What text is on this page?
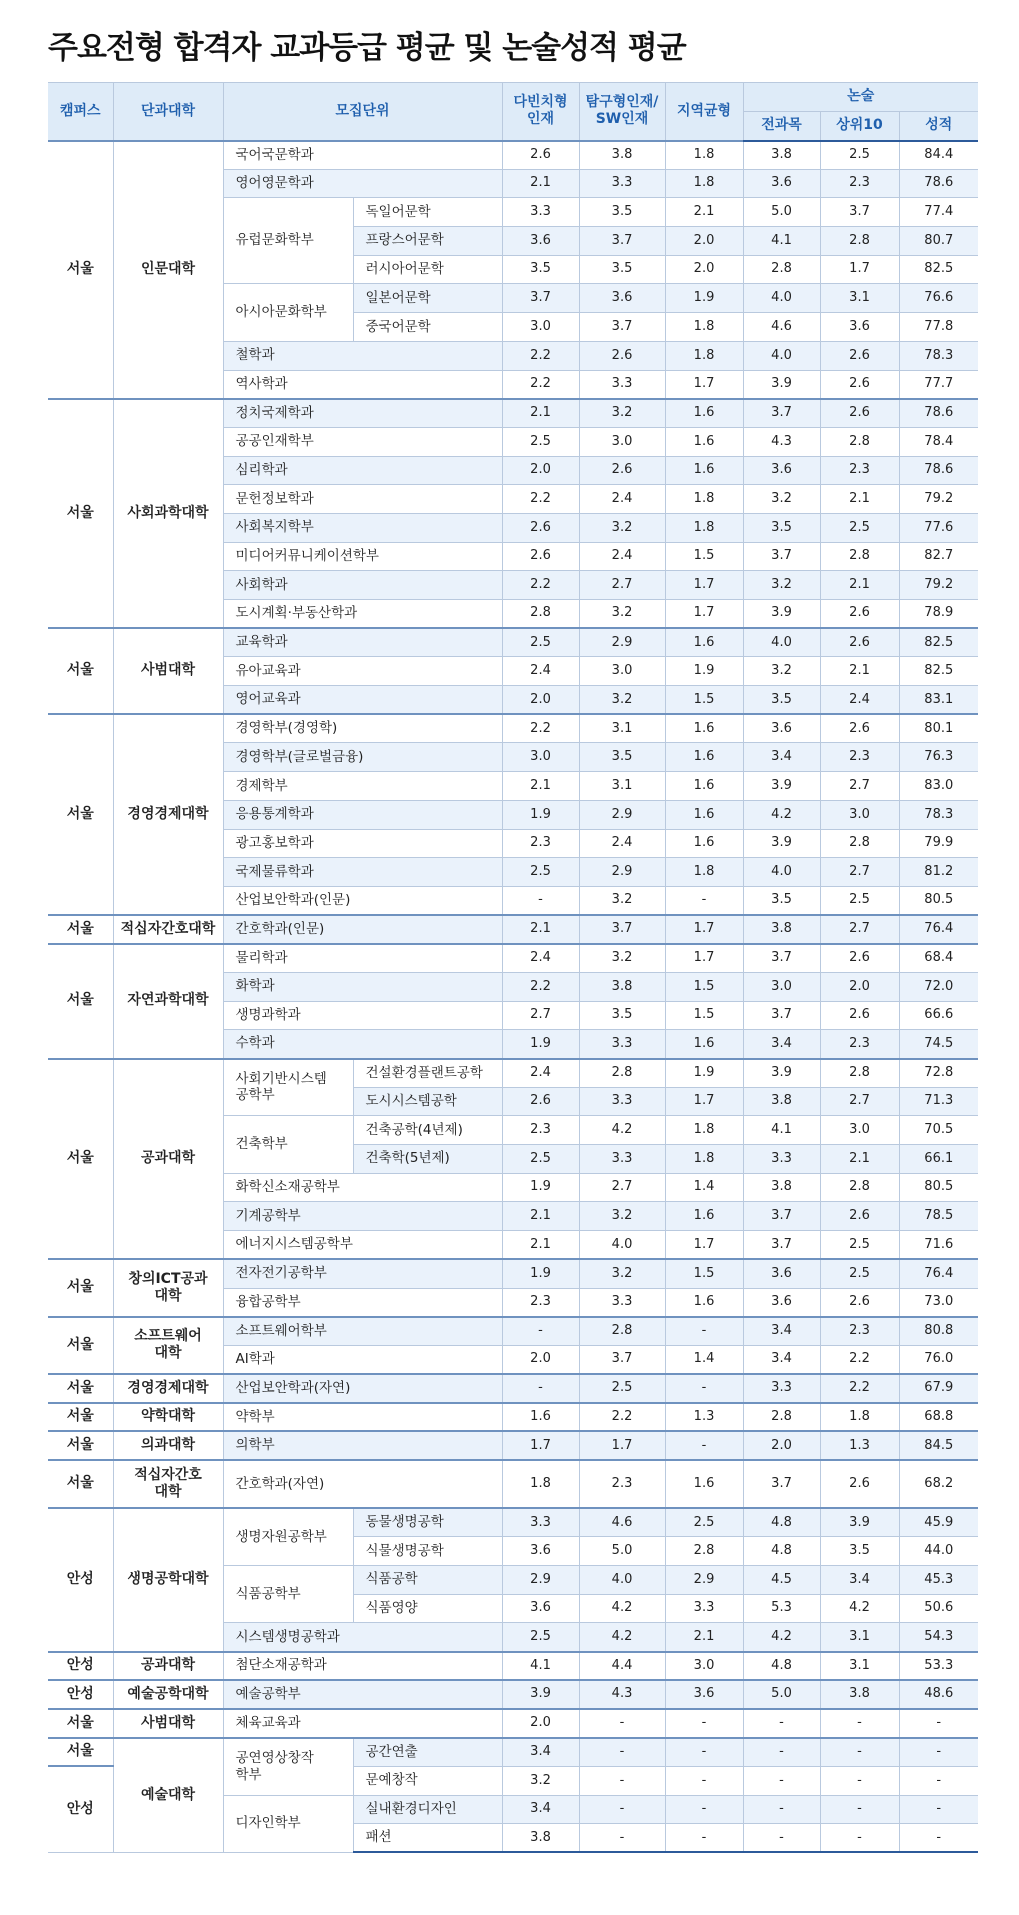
주요전형 합격자 교과등급 평균 및 논술성적 평균
캠퍼스	단과대학	모집단위		다빈치형
인재	탐구형인재/
SW인재	지역균형	논술		
							전과목	상위10	성적
서울	인문대학	국어국문학과		2.6	3.8	1.8	3.8	2.5	84.4
		영어영문학과		2.1	3.3	1.8	3.6	2.3	78.6
		유럽문화학부	독일어문학	3.3	3.5	2.1	5.0	3.7	77.4
			프랑스어문학	3.6	3.7	2.0	4.1	2.8	80.7
			러시아어문학	3.5	3.5	2.0	2.8	1.7	82.5
		아시아문화학부	일본어문학	3.7	3.6	1.9	4.0	3.1	76.6
			중국어문학	3.0	3.7	1.8	4.6	3.6	77.8
		철학과		2.2	2.6	1.8	4.0	2.6	78.3
		역사학과		2.2	3.3	1.7	3.9	2.6	77.7
서울	사회과학대학	정치국제학과		2.1	3.2	1.6	3.7	2.6	78.6
		공공인재학부		2.5	3.0	1.6	4.3	2.8	78.4
		심리학과		2.0	2.6	1.6	3.6	2.3	78.6
		문헌정보학과		2.2	2.4	1.8	3.2	2.1	79.2
		사회복지학부		2.6	3.2	1.8	3.5	2.5	77.6
		미디어커뮤니케이션학부		2.6	2.4	1.5	3.7	2.8	82.7
		사회학과		2.2	2.7	1.7	3.2	2.1	79.2
		도시계획·부동산학과		2.8	3.2	1.7	3.9	2.6	78.9
서울	사범대학	교육학과		2.5	2.9	1.6	4.0	2.6	82.5
		유아교육과		2.4	3.0	1.9	3.2	2.1	82.5
		영어교육과		2.0	3.2	1.5	3.5	2.4	83.1
서울	경영경제대학	경영학부(경영학)		2.2	3.1	1.6	3.6	2.6	80.1
		경영학부(글로벌금융)		3.0	3.5	1.6	3.4	2.3	76.3
		경제학부		2.1	3.1	1.6	3.9	2.7	83.0
		응용통계학과		1.9	2.9	1.6	4.2	3.0	78.3
		광고홍보학과		2.3	2.4	1.6	3.9	2.8	79.9
		국제물류학과		2.5	2.9	1.8	4.0	2.7	81.2
		산업보안학과(인문)		-	3.2	-	3.5	2.5	80.5
서울	적십자간호대학	간호학과(인문)		2.1	3.7	1.7	3.8	2.7	76.4
서울	자연과학대학	물리학과		2.4	3.2	1.7	3.7	2.6	68.4
		화학과		2.2	3.8	1.5	3.0	2.0	72.0
		생명과학과		2.7	3.5	1.5	3.7	2.6	66.6
		수학과		1.9	3.3	1.6	3.4	2.3	74.5
서울	공과대학	사회기반시스템
공학부	건설환경플랜트공학	2.4	2.8	1.9	3.9	2.8	72.8
			도시시스템공학	2.6	3.3	1.7	3.8	2.7	71.3
		건축학부	건축공학(4년제)	2.3	4.2	1.8	4.1	3.0	70.5
			건축학(5년제)	2.5	3.3	1.8	3.3	2.1	66.1
		화학신소재공학부		1.9	2.7	1.4	3.8	2.8	80.5
		기계공학부		2.1	3.2	1.6	3.7	2.6	78.5
		에너지시스템공학부		2.1	4.0	1.7	3.7	2.5	71.6
서울	창의ICT공과
대학	전자전기공학부		1.9	3.2	1.5	3.6	2.5	76.4
		융합공학부		2.3	3.3	1.6	3.6	2.6	73.0
서울	소프트웨어
대학	소프트웨어학부		-	2.8	-	3.4	2.3	80.8
		AI학과		2.0	3.7	1.4	3.4	2.2	76.0
서울	경영경제대학	산업보안학과(자연)		-	2.5	-	3.3	2.2	67.9
서울	약학대학	약학부		1.6	2.2	1.3	2.8	1.8	68.8
서울	의과대학	의학부		1.7	1.7	-	2.0	1.3	84.5
서울	적십자간호
대학	간호학과(자연)		1.8	2.3	1.6	3.7	2.6	68.2
안성	생명공학대학	생명자원공학부	동물생명공학	3.3	4.6	2.5	4.8	3.9	45.9
			식물생명공학	3.6	5.0	2.8	4.8	3.5	44.0
		식품공학부	식품공학	2.9	4.0	2.9	4.5	3.4	45.3
			식품영양	3.6	4.2	3.3	5.3	4.2	50.6
		시스템생명공학과		2.5	4.2	2.1	4.2	3.1	54.3
안성	공과대학	첨단소재공학과		4.1	4.4	3.0	4.8	3.1	53.3
안성	예술공학대학	예술공학부		3.9	4.3	3.6	5.0	3.8	48.6
서울	사범대학	체육교육과		2.0	-	-	-	-	-
서울	예술대학	공연영상창작
학부	공간연출	3.4	-	-	-	-	-
안성			문예창작	3.2	-	-	-	-	-
		디자인학부	실내환경디자인	3.4	-	-	-	-	-
			패션	3.8	-	-	-	-	-
